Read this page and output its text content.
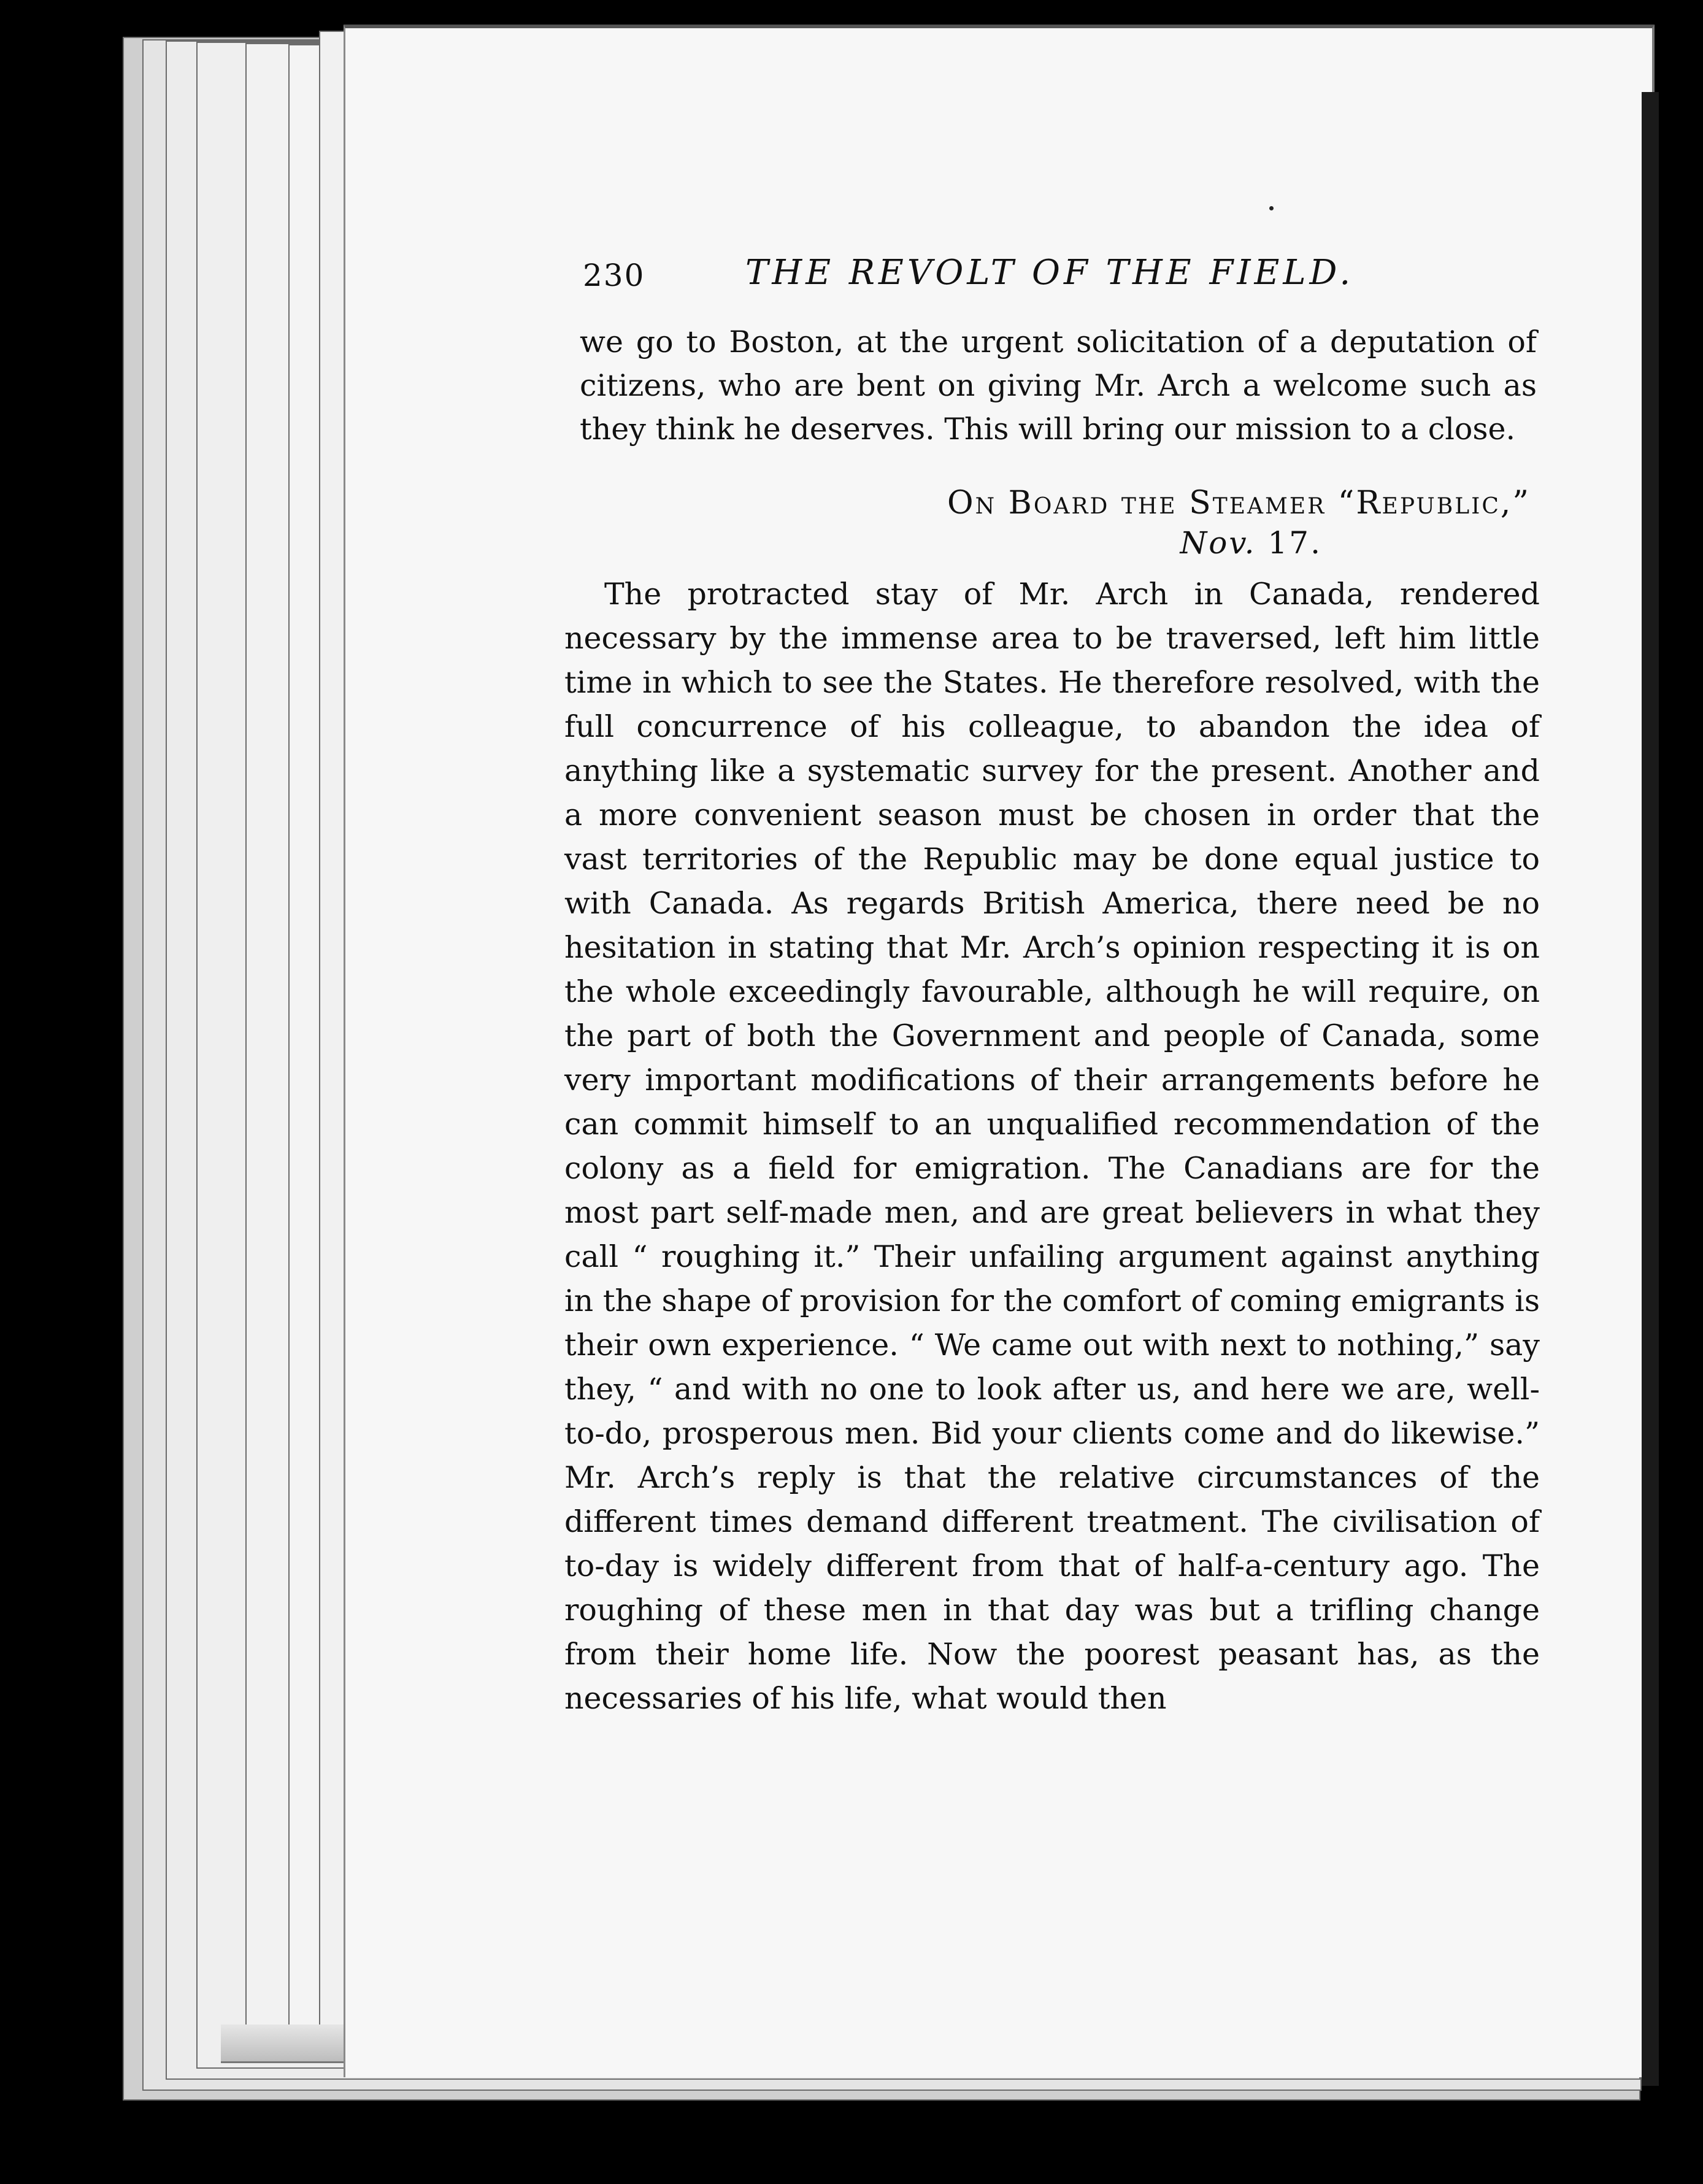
230	THE REVOLT OF THE FIELD.

we go to Boston, at the urgent solicitation of a deputation of citizens, who are bent on giving Mr. Arch a welcome such as they think he deserves. This will bring our mission to a close.

On Board the Steamer “Republic,”
Nov. 17.

The protracted stay of Mr. Arch in Canada, rendered necessary by the immense area to be traversed, left him little time in which to see the States. He therefore resolved, with the full concurrence of his colleague, to abandon the idea of anything like a systematic survey for the present. Another and a more convenient season must be chosen in order that the vast territories of the Republic may be done equal justice to with Canada. As regards British America, there need be no hesitation in stating that Mr. Arch’s opinion respecting it is on the whole exceedingly favourable, although he will require, on the part of both the Government and people of Canada, some very important modifications of their arrangements before he can commit himself to an unqualified recommendation of the colony as a field for emigration. The Canadians are for the most part self-made men, and are great believers in what they call “ roughing it.” Their unfailing argument against anything in the shape of provision for the comfort of coming emigrants is their own experience. “ We came out with next to nothing,” say they, “ and with no one to look after us, and here we are, well-to-do, prosperous men. Bid your clients come and do likewise.” Mr. Arch’s reply is that the relative circumstances of the different times demand different treatment. The civilisation of to-day is widely different from that of half-a-century ago. The roughing of these men in that day was but a trifling change from their home life. Now the poorest peasant has, as the necessaries of his life, what would then
